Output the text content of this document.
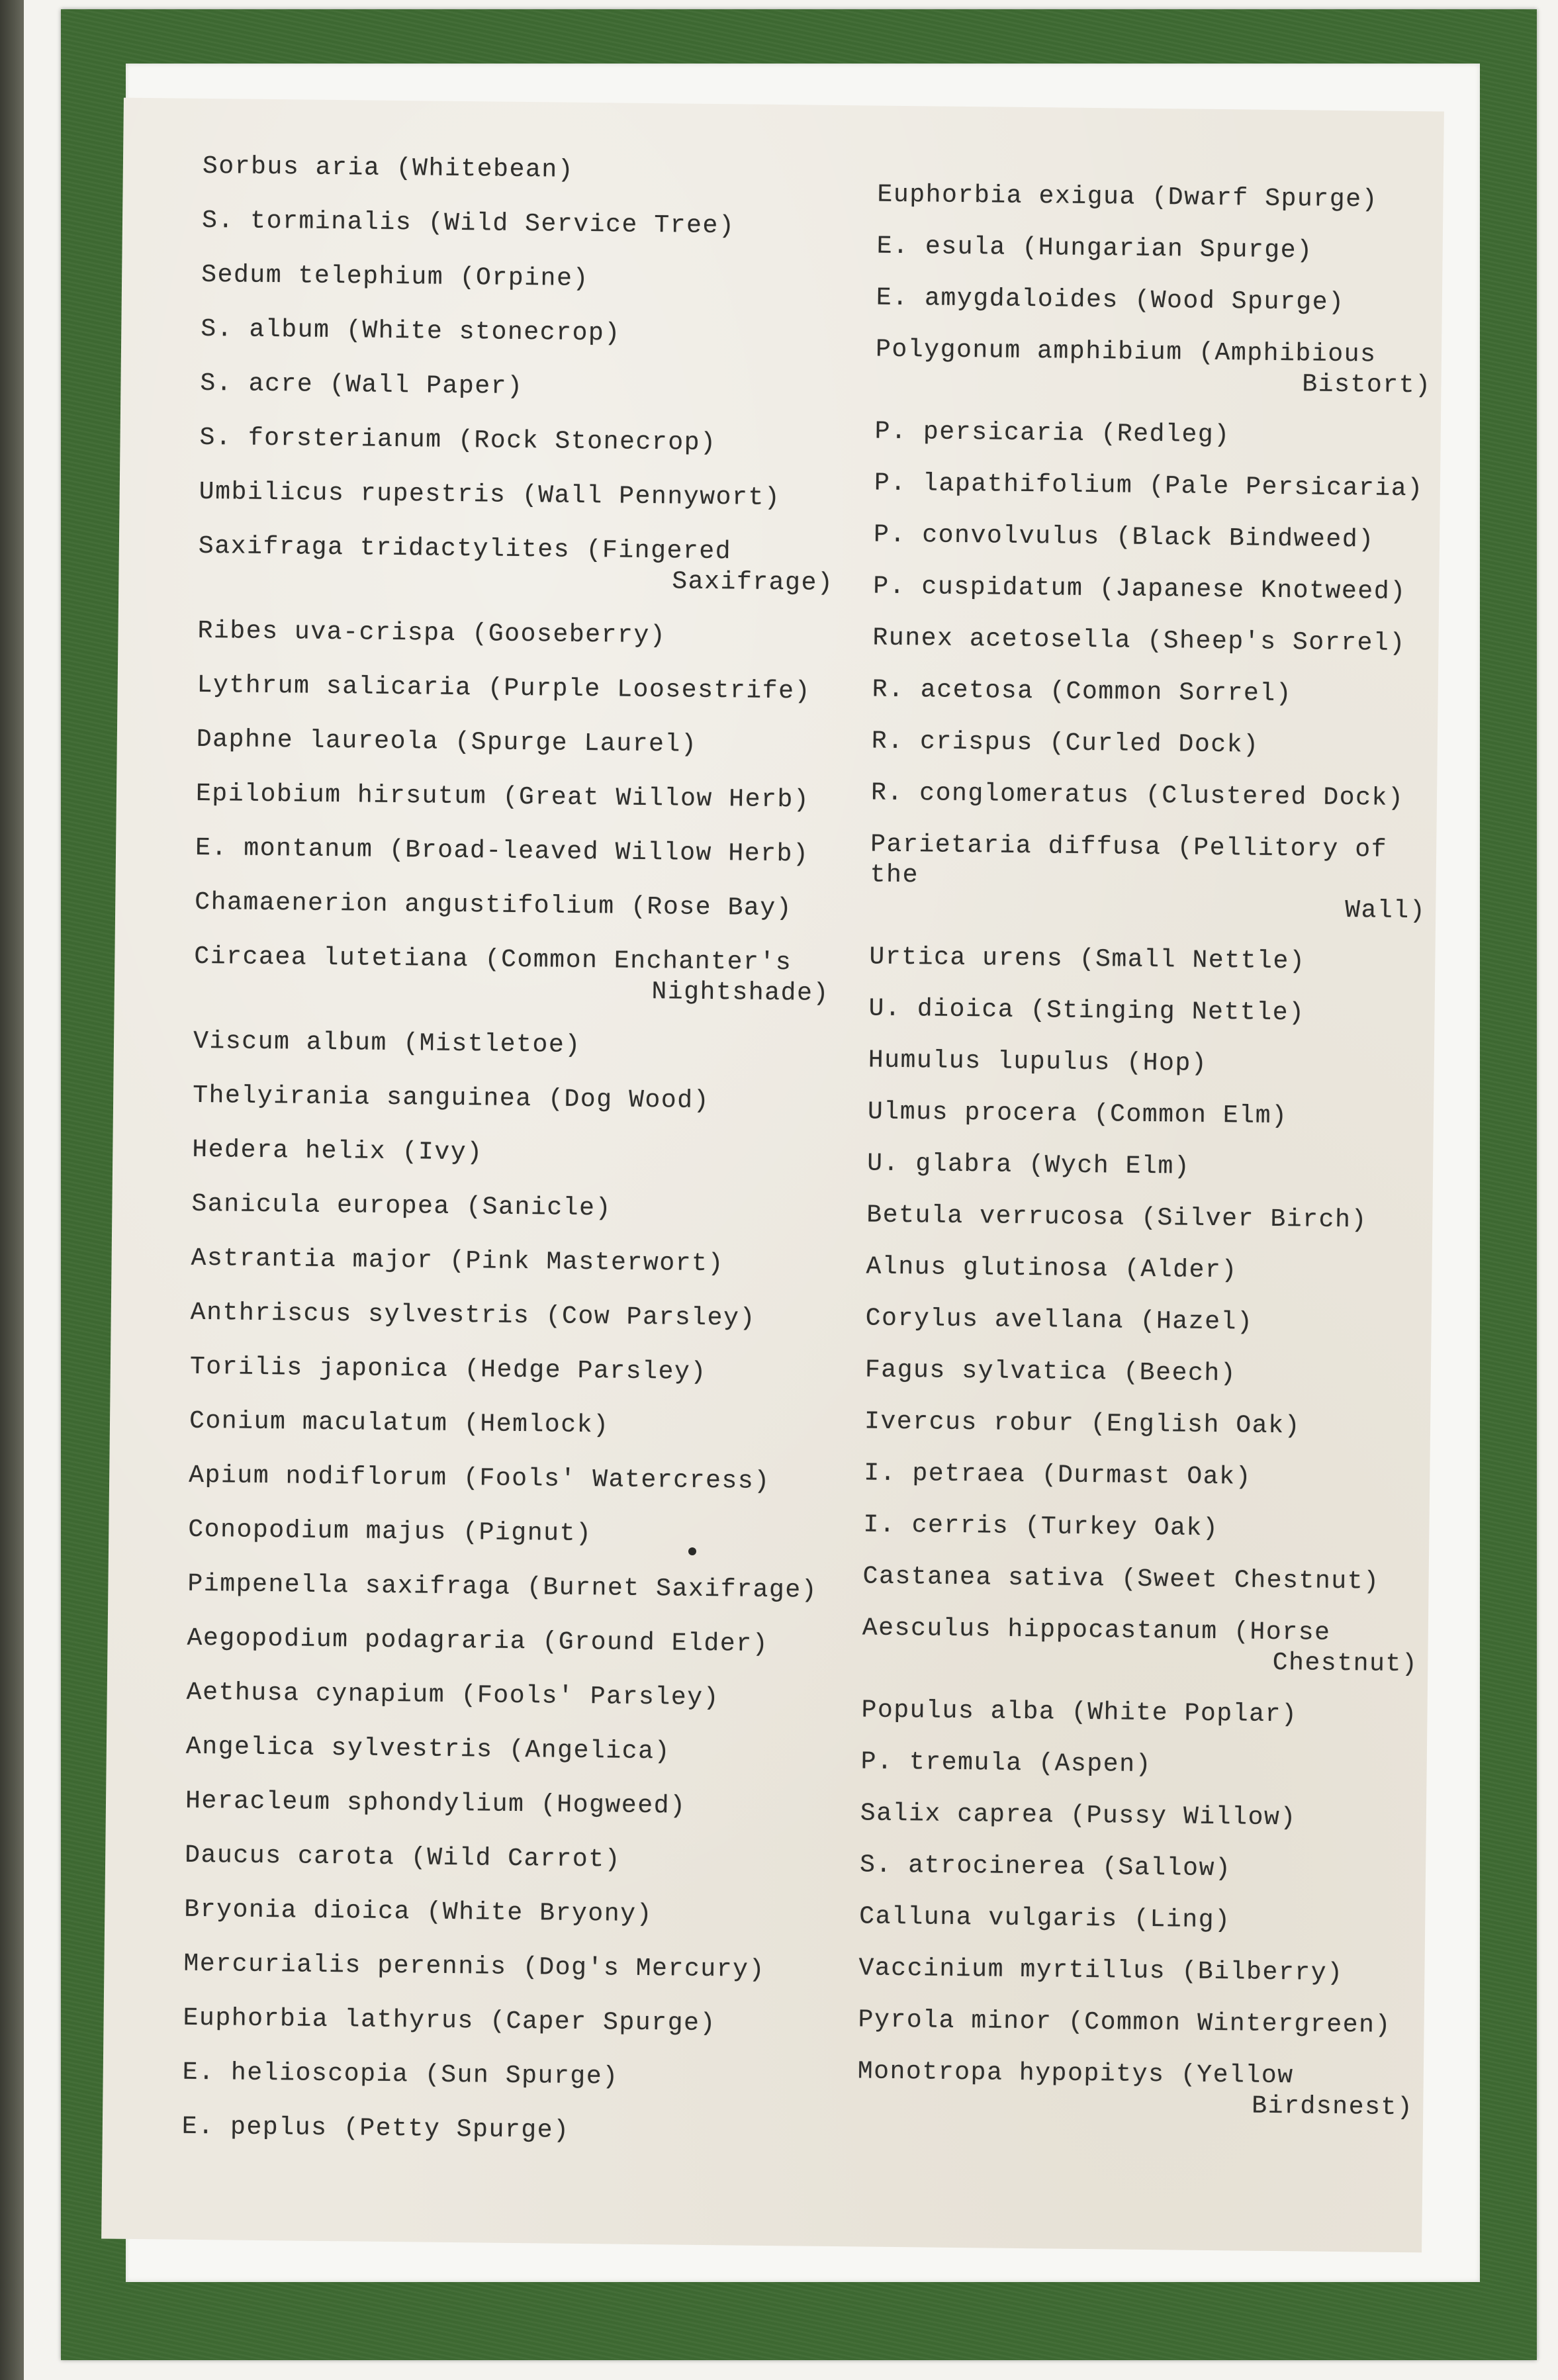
Sorbus aria (Whitebean)
S. torminalis (Wild Service Tree)
Sedum telephium (Orpine)
S. album (White stonecrop)
S. acre (Wall Paper)
S. forsterianum (Rock Stonecrop)
Umbilicus rupestris (Wall Pennywort)
Saxifraga tridactylites (Fingered
Saxifrage)
Ribes uva-crispa (Gooseberry)
Lythrum salicaria (Purple Loosestrife)
Daphne laureola (Spurge Laurel)
Epilobium hirsutum (Great Willow Herb)
E. montanum (Broad-leaved Willow Herb)
Chamaenerion angustifolium (Rose Bay)
Circaea lutetiana (Common Enchanter's
Nightshade)
Viscum album (Mistletoe)
Thelyirania sanguinea (Dog Wood)
Hedera helix (Ivy)
Sanicula europea (Sanicle)
Astrantia major (Pink Masterwort)
Anthriscus sylvestris (Cow Parsley)
Torilis japonica (Hedge Parsley)
Conium maculatum (Hemlock)
Apium nodiflorum (Fools' Watercress)
Conopodium majus (Pignut)
Pimpenella saxifraga (Burnet Saxifrage)
Aegopodium podagraria (Ground Elder)
Aethusa cynapium (Fools' Parsley)
Angelica sylvestris (Angelica)
Heracleum sphondylium (Hogweed)
Daucus carota (Wild Carrot)
Bryonia dioica (White Bryony)
Mercurialis perennis (Dog's Mercury)
Euphorbia lathyrus (Caper Spurge)
E. helioscopia (Sun Spurge)
E. peplus (Petty Spurge)
Euphorbia exigua (Dwarf Spurge)
E. esula (Hungarian Spurge)
E. amygdaloides (Wood Spurge)
Polygonum amphibium (Amphibious
Bistort)
P. persicaria (Redleg)
P. lapathifolium (Pale Persicaria)
P. convolvulus (Black Bindweed)
P. cuspidatum (Japanese Knotweed)
Runex acetosella (Sheep's Sorrel)
R. acetosa (Common Sorrel)
R. crispus (Curled Dock)
R. conglomeratus (Clustered Dock)
Parietaria diffusa (Pellitory of the
Wall)
Urtica urens (Small Nettle)
U. dioica (Stinging Nettle)
Humulus lupulus (Hop)
Ulmus procera (Common Elm)
U. glabra (Wych Elm)
Betula verrucosa (Silver Birch)
Alnus glutinosa (Alder)
Corylus avellana (Hazel)
Fagus sylvatica (Beech)
Ivercus robur (English Oak)
I. petraea (Durmast Oak)
I. cerris (Turkey Oak)
Castanea sativa (Sweet Chestnut)
Aesculus hippocastanum (Horse
Chestnut)
Populus alba (White Poplar)
P. tremula (Aspen)
Salix caprea (Pussy Willow)
S. atrocinerea (Sallow)
Calluna vulgaris (Ling)
Vaccinium myrtillus (Bilberry)
Pyrola minor (Common Wintergreen)
Monotropa hypopitys (Yellow
Birdsnest)
